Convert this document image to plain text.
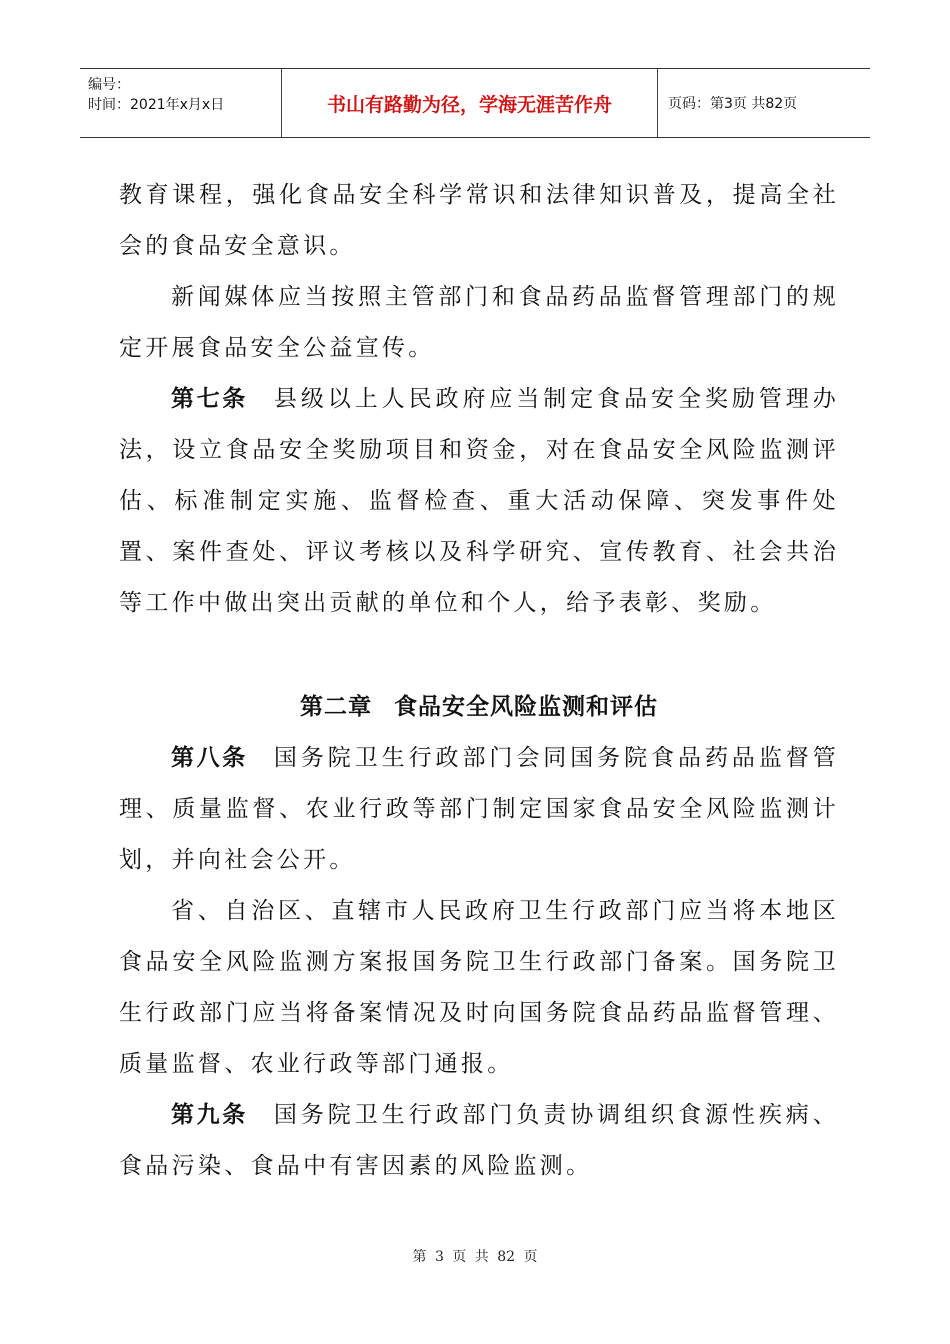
编号：
时间：2021年x月x日	书山有路勤为径，学海无涯苦作舟	页码：第3页 共82页

教育课程，强化食品安全科学常识和法律知识普及，提高全社会的食品安全意识。

新闻媒体应当按照主管部门和食品药品监督管理部门的规定开展食品安全公益宣传。

第七条 县级以上人民政府应当制定食品安全奖励管理办法，设立食品安全奖励项目和资金，对在食品安全风险监测评估、标准制定实施、监督检查、重大活动保障、突发事件处置、案件查处、评议考核以及科学研究、宣传教育、社会共治等工作中做出突出贡献的单位和个人，给予表彰、奖励。

第二章 食品安全风险监测和评估

第八条 国务院卫生行政部门会同国务院食品药品监督管理、质量监督、农业行政等部门制定国家食品安全风险监测计划，并向社会公开。

省、自治区、直辖市人民政府卫生行政部门应当将本地区食品安全风险监测方案报国务院卫生行政部门备案。国务院卫生行政部门应当将备案情况及时向国务院食品药品监督管理、质量监督、农业行政等部门通报。

第九条 国务院卫生行政部门负责协调组织食源性疾病、食品污染、食品中有害因素的风险监测。

第 3 页 共 82 页
